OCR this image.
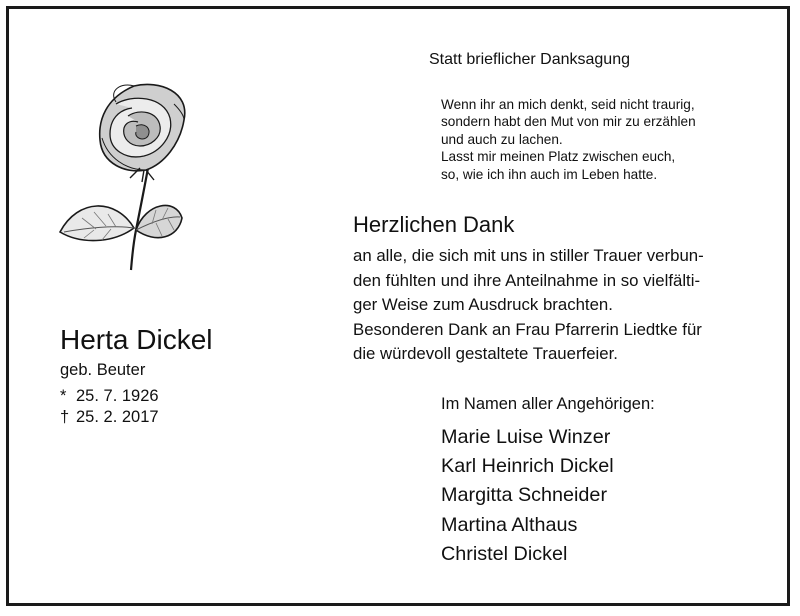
Statt brieflicher Danksagung
Wenn ihr an mich denkt, seid nicht traurig,
sondern habt den Mut von mir zu erzählen
und auch zu lachen.
Lasst mir meinen Platz zwischen euch,
so, wie ich ihn auch im Leben hatte.
Herzlichen Dank
an alle, die sich mit uns in stiller Trauer verbun-
den fühlten und ihre Anteilnahme in so vielfälti-
ger Weise zum Ausdruck brachten.
Besonderen Dank an Frau Pfarrerin Liedtke für
die würdevoll gestaltete Trauerfeier.
Herta Dickel
geb. Beuter
* 25. 7. 1926
† 25. 2. 2017
Im Namen aller Angehörigen:
Marie Luise Winzer
Karl Heinrich Dickel
Margitta Schneider
Martina Althaus
Christel Dickel
